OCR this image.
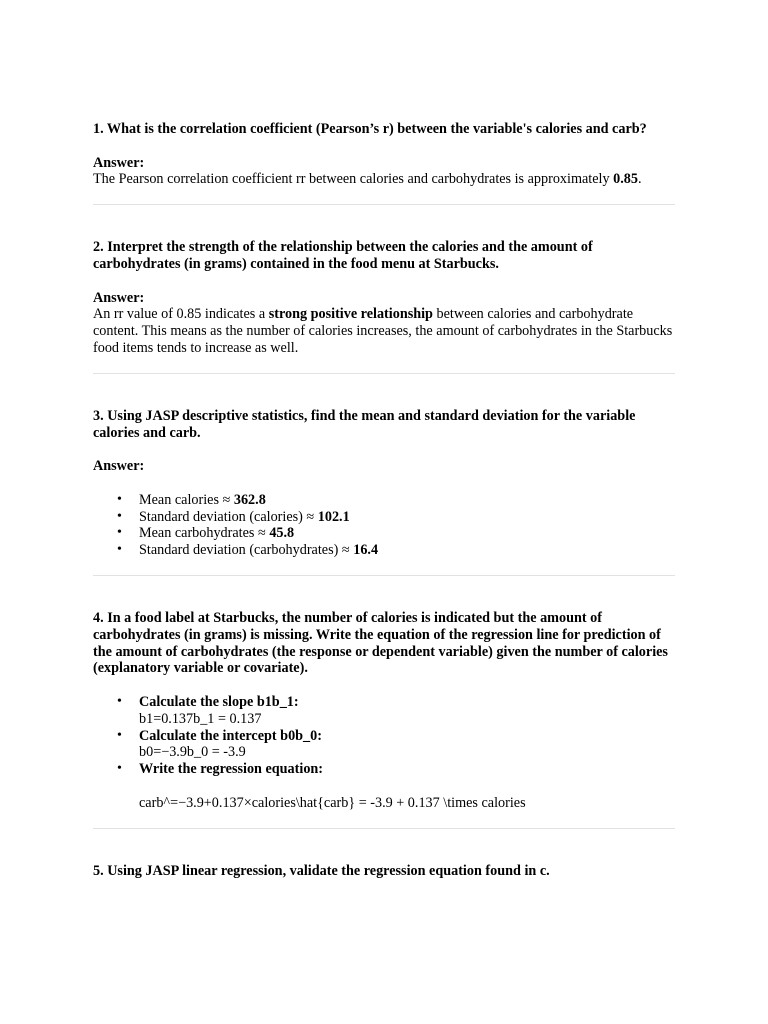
1. What is the correlation coefficient (Pearson’s r) between the variable's calories and carb?

Answer:

The Pearson correlation coefficient rr between calories and carbohydrates is approximately 0.85.

2. Interpret the strength of the relationship between the calories and the amount of carbohydrates (in grams) contained in the food menu at Starbucks.

Answer:

An rr value of 0.85 indicates a strong positive relationship between calories and carbohydrate content. This means as the number of calories increases, the amount of carbohydrates in the Starbucks food items tends to increase as well.

3. Using JASP descriptive statistics, find the mean and standard deviation for the variable calories and carb.

Answer:

• Mean calories ≈ 362.8
• Standard deviation (calories) ≈ 102.1
• Mean carbohydrates ≈ 45.8
• Standard deviation (carbohydrates) ≈ 16.4

4. In a food label at Starbucks, the number of calories is indicated but the amount of carbohydrates (in grams) is missing. Write the equation of the regression line for prediction of the amount of carbohydrates (the response or dependent variable) given the number of calories (explanatory variable or covariate).

• Calculate the slope b1b_1:
b1=0.137b_1 = 0.137
• Calculate the intercept b0b_0:
b0=−3.9b_0 = -3.9
• Write the regression equation:

carb^=−3.9+0.137×calories\hat{carb} = -3.9 + 0.137 \times calories

5. Using JASP linear regression, validate the regression equation found in c.
